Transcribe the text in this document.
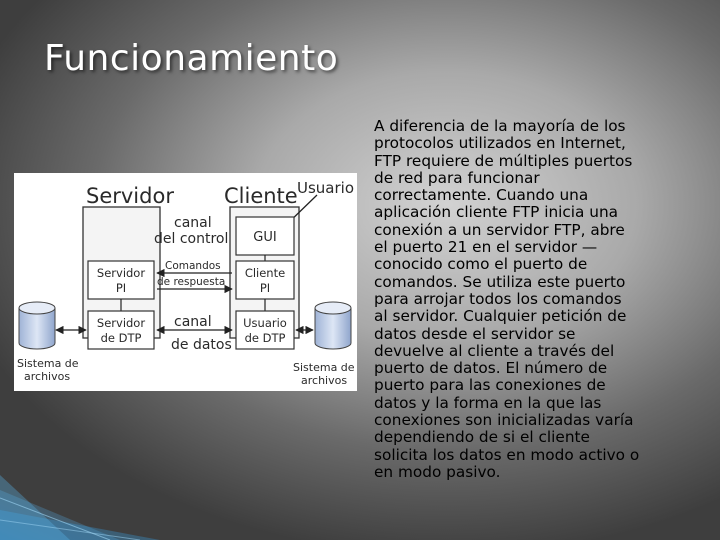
Funcionamiento
Servidor Cliente Usuario
canal
del control GUI
Servidor
PI
Cliente
PI
Comandos
de respuesta
Servidor
de DTP
Usuario
de DTP
canal
de datos
Sistema de
archivos
Sistema de
archivos

A diferencia de la mayoría de los
protocolos utilizados en Internet,
FTP requiere de múltiples puertos
de red para funcionar
correctamente. Cuando una
aplicación cliente FTP inicia una
conexión a un servidor FTP, abre
el puerto 21 en el servidor —
conocido como el puerto de
comandos. Se utiliza este puerto
para arrojar todos los comandos
al servidor. Cualquier petición de
datos desde el servidor se
devuelve al cliente a través del
puerto de datos. El número de
puerto para las conexiones de
datos y la forma en la que las
conexiones son inicializadas varía
dependiendo de si el cliente
solicita los datos en modo activo o
en modo pasivo.
